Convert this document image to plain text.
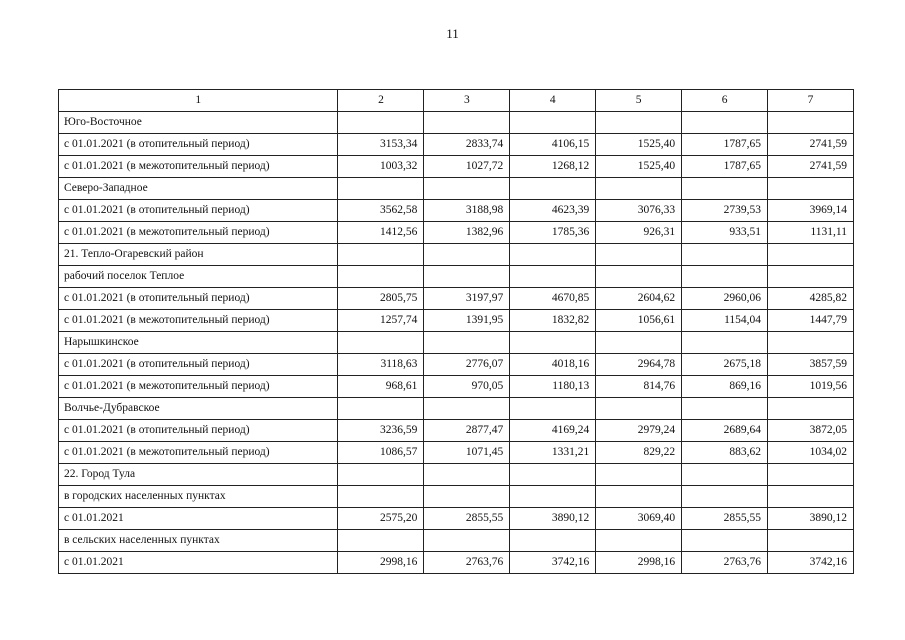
11
1	2	3	4	5	6	7
Юго-Восточное						
с 01.01.2021 (в отопительный период)	3153,34	2833,74	4106,15	1525,40	1787,65	2741,59
с 01.01.2021 (в межотопительный период)	1003,32	1027,72	1268,12	1525,40	1787,65	2741,59
Северо-Западное						
с 01.01.2021 (в отопительный период)	3562,58	3188,98	4623,39	3076,33	2739,53	3969,14
с 01.01.2021 (в межотопительный период)	1412,56	1382,96	1785,36	926,31	933,51	1131,11
21. Тепло-Огаревский район						
рабочий поселок Теплое						
с 01.01.2021 (в отопительный период)	2805,75	3197,97	4670,85	2604,62	2960,06	4285,82
с 01.01.2021 (в межотопительный период)	1257,74	1391,95	1832,82	1056,61	1154,04	1447,79
Нарышкинское						
с 01.01.2021 (в отопительный период)	3118,63	2776,07	4018,16	2964,78	2675,18	3857,59
с 01.01.2021 (в межотопительный период)	968,61	970,05	1180,13	814,76	869,16	1019,56
Волчье-Дубравское						
с 01.01.2021 (в отопительный период)	3236,59	2877,47	4169,24	2979,24	2689,64	3872,05
с 01.01.2021 (в межотопительный период)	1086,57	1071,45	1331,21	829,22	883,62	1034,02
22. Город Тула						
в городских населенных пунктах						
с 01.01.2021	2575,20	2855,55	3890,12	3069,40	2855,55	3890,12
в сельских населенных пунктах						
с 01.01.2021	2998,16	2763,76	3742,16	2998,16	2763,76	3742,16
